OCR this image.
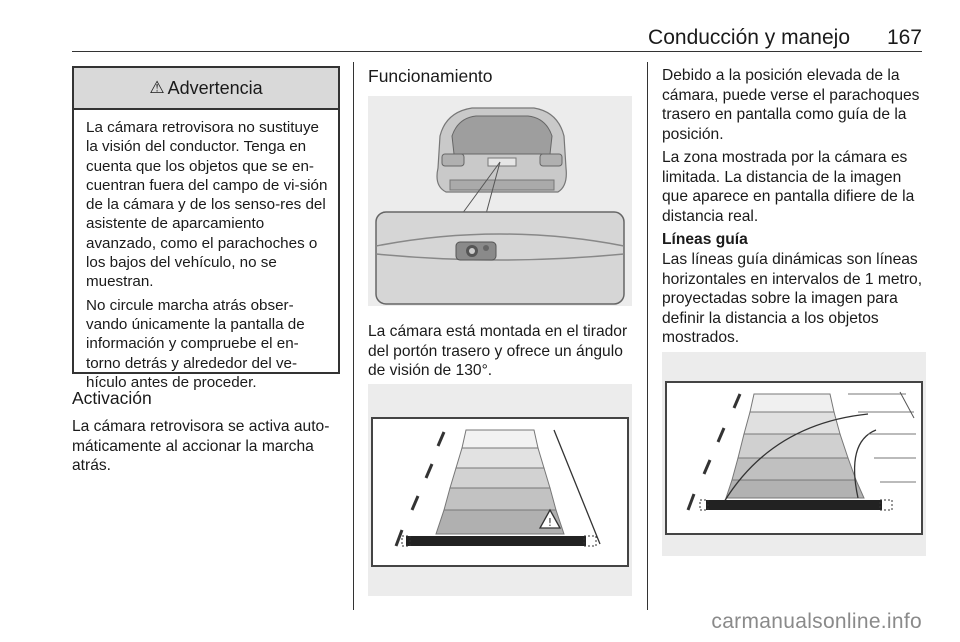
Conducción y manejo 167
⚠ Advertencia

La cámara retrovisora no sustituye la visión del conductor. Tenga en cuenta que los objetos que se en-cuentran fuera del campo de vi-sión de la cámara y de los senso-res del asistente de aparcamiento avanzado, como el parachoches o los bajos del vehículo, no se muestran.

No circule marcha atrás obser-vando únicamente la pantalla de información y compruebe el en-torno detrás y alrededor del ve-hículo antes de proceder.

Activación

La cámara retrovisora se activa auto-máticamente al accionar la marcha atrás.

Funcionamiento

La cámara está montada en el tirador del portón trasero y ofrece un ángulo de visión de 130°.

!

Debido a la posición elevada de la cámara, puede verse el parachoques trasero en pantalla como guía de la posición.

La zona mostrada por la cámara es limitada. La distancia de la imagen que aparece en pantalla difiere de la distancia real.

Líneas guía

Las líneas guía dinámicas son líneas horizontales en intervalos de 1 metro, proyectadas sobre la imagen para definir la distancia a los objetos mostrados.

carmanualsonline.info
